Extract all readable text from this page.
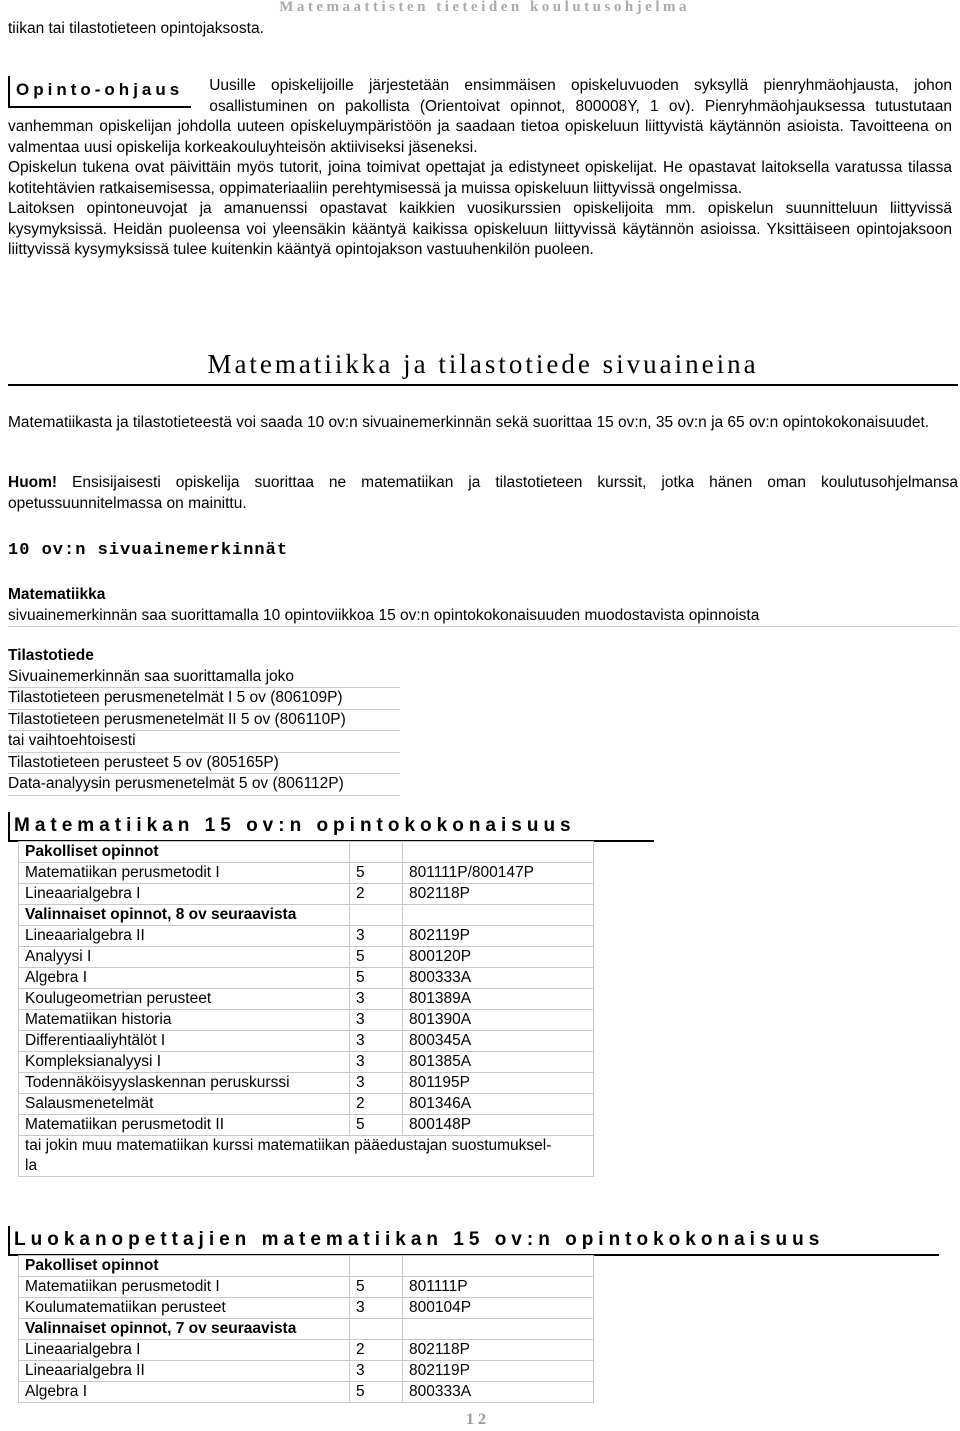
Matemaattisten tieteiden koulutusohjelma
tiikan tai tilastotieteen opintojaksosta.
Opinto-ohjaus	Uusille opiskelijoille järjestetään ensimmäisen opiskeluvuoden syksyllä pienryhmäohjausta, johon osallistuminen on pakollista (Orientoivat opinnot, 800008Y, 1 ov). Pienryhmäohjauksessa tutustutaan vanhemman opiskelijan johdolla uuteen opiskeluympäristöön ja saadaan tietoa opiskeluun liittyvistä käytännön asioista. Tavoitteena on valmentaa uusi opiskelija korkeakouluyhteisön aktiiviseksi jäseneksi.

Opiskelun tukena ovat päivittäin myös tutorit, joina toimivat opettajat ja edistyneet opiskelijat. He opastavat laitoksella varatussa tilassa kotitehtävien ratkaisemisessa, oppimateriaaliin perehtymisessä ja muissa opiskeluun liittyvissä ongelmissa.

Laitoksen opintoneuvojat ja amanuenssi opastavat kaikkien vuosikurssien opiskelijoita mm. opiskelun suunnitteluun liittyvissä kysymyksissä. Heidän puoleensa voi yleensäkin kääntyä kaikissa opiskeluun liittyvissä käytännön asioissa. Yksittäiseen opintojaksoon liittyvissä kysymyksissä tulee kuitenkin kääntyä opintojakson vastuuhenkilön puoleen.

Matematiikka ja tilastotiede sivuaineina

Matematiikasta ja tilastotieteestä voi saada 10 ov:n sivuainemerkinnän sekä suorittaa 15 ov:n, 35 ov:n ja 65 ov:n opintokokonaisuudet.

Huom! Ensisijaisesti opiskelija suorittaa ne matematiikan ja tilastotieteen kurssit, jotka hänen oman koulutusohjelmansa opetussuunnitelmassa on mainittu.

10 ov:n sivuainemerkinnät
Matematiikka
sivuainemerkinnän saa suorittamalla 10 opintoviikkoa 15 ov:n opintokokonaisuuden muodostavista opinnoista
Tilastotiede
Sivuainemerkinnän saa suorittamalla joko
Tilastotieteen perusmenetelmät I 5 ov (806109P)
Tilastotieteen perusmenetelmät II 5 ov (806110P)
tai vaihtoehtoisesti
Tilastotieteen perusteet 5 ov (805165P)
Data-analyysin perusmenetelmät 5 ov (806112P)
Matematiikan 15 ov:n opintokokonaisuus
Pakolliset opinnot		
Matematiikan perusmetodit I	5	801111P/800147P
Lineaarialgebra I	2	802118P
Valinnaiset opinnot, 8 ov seuraavista		
Lineaarialgebra II	3	802119P
Analyysi I	5	800120P
Algebra I	5	800333A
Koulugeometrian perusteet	3	801389A
Matematiikan historia	3	801390A
Differentiaaliyhtälöt I	3	800345A
Kompleksianalyysi I	3	801385A
Todennäköisyyslaskennan peruskurssi	3	801195P
Salausmenetelmät	2	801346A
Matematiikan perusmetodit II	5	800148P

tai jokin muu matematiikan kurssi matematiikan pääedustajan suostumuksel-
la		
Luokanopettajien matematiikan 15 ov:n opintokokonaisuus
Pakolliset opinnot		
Matematiikan perusmetodit I	5	801111P
Koulumatematiikan perusteet	3	800104P
Valinnaiset opinnot, 7 ov seuraavista		
Lineaarialgebra I	2	802118P
Lineaarialgebra II	3	802119P
Algebra I	5	800333A
12
